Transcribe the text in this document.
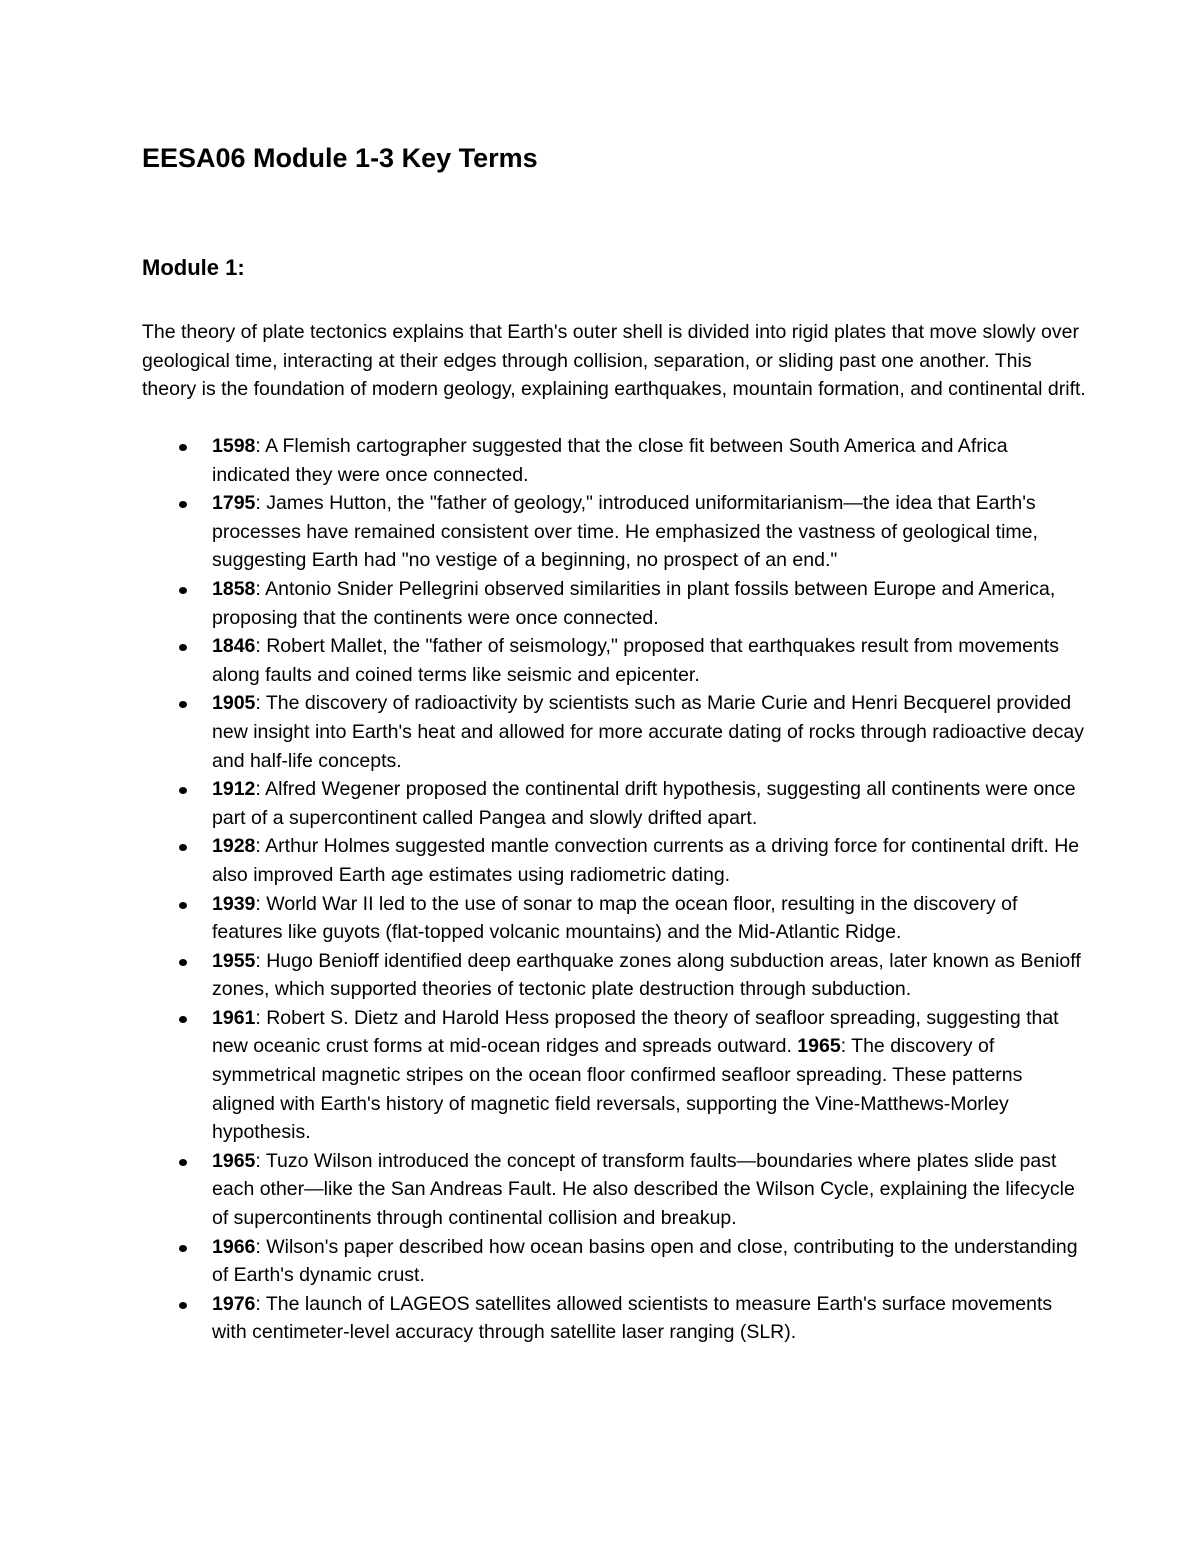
EESA06 Module 1-3 Key Terms
Module 1:

The theory of plate tectonics explains that Earth's outer shell is divided into rigid plates that move slowly over geological time, interacting at their edges through collision, separation, or sliding past one another. This theory is the foundation of modern geology, explaining earthquakes, mountain formation, and continental drift.

1598: A Flemish cartographer suggested that the close fit between South America and Africa indicated they were once connected.
1795: James Hutton, the "father of geology," introduced uniformitarianism—the idea that Earth's processes have remained consistent over time. He emphasized the vastness of geological time, suggesting Earth had "no vestige of a beginning, no prospect of an end."
1858: Antonio Snider Pellegrini observed similarities in plant fossils between Europe and America, proposing that the continents were once connected.
1846: Robert Mallet, the "father of seismology," proposed that earthquakes result from movements along faults and coined terms like seismic and epicenter.
1905: The discovery of radioactivity by scientists such as Marie Curie and Henri Becquerel provided new insight into Earth's heat and allowed for more accurate dating of rocks through radioactive decay and half-life concepts.
1912: Alfred Wegener proposed the continental drift hypothesis, suggesting all continents were once part of a supercontinent called Pangea and slowly drifted apart.
1928: Arthur Holmes suggested mantle convection currents as a driving force for continental drift. He also improved Earth age estimates using radiometric dating.
1939: World War II led to the use of sonar to map the ocean floor, resulting in the discovery of features like guyots (flat-topped volcanic mountains) and the Mid-Atlantic Ridge.
1955: Hugo Benioff identified deep earthquake zones along subduction areas, later known as Benioff zones, which supported theories of tectonic plate destruction through subduction.
1961: Robert S. Dietz and Harold Hess proposed the theory of seafloor spreading, suggesting that new oceanic crust forms at mid-ocean ridges and spreads outward. 1965: The discovery of symmetrical magnetic stripes on the ocean floor confirmed seafloor spreading. These patterns aligned with Earth's history of magnetic field reversals, supporting the Vine-Matthews-Morley hypothesis.
1965: Tuzo Wilson introduced the concept of transform faults—boundaries where plates slide past each other—like the San Andreas Fault. He also described the Wilson Cycle, explaining the lifecycle of supercontinents through continental collision and breakup.
1966: Wilson's paper described how ocean basins open and close, contributing to the understanding of Earth's dynamic crust.
1976: The launch of LAGEOS satellites allowed scientists to measure Earth's surface movements with centimeter-level accuracy through satellite laser ranging (SLR).
